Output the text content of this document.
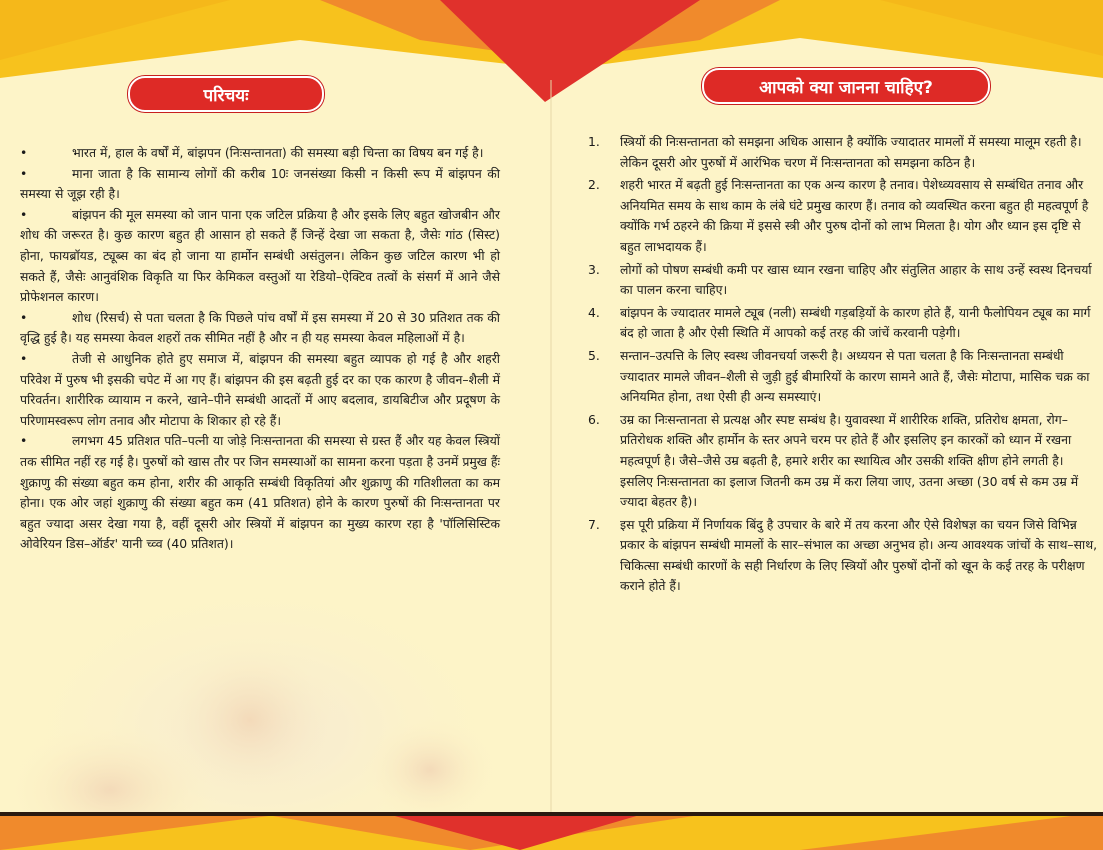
परिचयः	आपको क्या जानना चाहिए?

•	भारत में, हाल के वर्षों में, बांझपन (निःसन्तानता) की समस्या बड़ी चिन्ता का विषय बन गई है।

•	माना जाता है कि सामान्य लोगों की करीब 10ः जनसंख्या किसी न किसी रूप में बांझपन की समस्या से जूझ रही है।

•	बांझपन की मूल समस्या को जान पाना एक जटिल प्रक्रिया है और इसके लिए बहुत खोजबीन और शोध की जरूरत है। कुछ कारण बहुत ही आसान हो सकते हैं जिन्हें देखा जा सकता है, जैसेः गांठ (सिस्ट) होना, फायब्रॉयड, ट्यूब्स का बंद हो जाना या हार्मोन सम्बंधी असंतुलन। लेकिन कुछ जटिल कारण भी हो सकते हैं, जैसेः आनुवंशिक विकृति या फिर केमिकल वस्तुओं या रेडियो–ऐक्टिव तत्वों के संसर्ग में आने जैसे प्रोफेशनल कारण।

•	शोध (रिसर्च) से पता चलता है कि पिछले पांच वर्षों में इस समस्या में 20 से 30 प्रतिशत तक की वृद्धि हुई है। यह समस्या केवल शहरों तक सीमित नहीं है और न ही यह समस्या केवल महिलाओं में है।

•	तेजी से आधुनिक होते हुए समाज में, बांझपन की समस्या बहुत व्यापक हो गई है और शहरी परिवेश में पुरुष भी इसकी चपेट में आ गए हैं। बांझपन की इस बढ़ती हुई दर का एक कारण है जीवन–शैली में परिवर्तन। शारीरिक व्यायाम न करने, खाने–पीने सम्बंधी आदतों में आए बदलाव, डायबिटीज और प्रदूषण के परिणामस्वरूप लोग तनाव और मोटापा के शिकार हो रहे हैं।

•	लगभग 45 प्रतिशत पति–पत्नी या जोड़े निःसन्तानता की समस्या से ग्रस्त हैं और यह केवल स्त्रियों तक सीमित नहीं रह गई है। पुरुषों को खास तौर पर जिन समस्याओं का सामना करना पड़ता है उनमें प्रमुख हैंः शुक्राणु की संख्या बहुत कम होना, शरीर की आकृति सम्बंधी विकृतियां और शुक्राणु की गतिशीलता का कम होना। एक ओर जहां शुक्राणु की संख्या बहुत कम (41 प्रतिशत) होने के कारण पुरुषों की निःसन्तानता पर बहुत ज्यादा असर देखा गया है, वहीं दूसरी ओर स्त्रियों में बांझपन का मुख्य कारण रहा है 'पॉलिसिस्टिक ओवेरियन डिस–ऑर्डर' यानी च्व्व (40 प्रतिशत)।

1.	स्त्रियों की निःसन्तानता को समझना अधिक आसान है क्योंकि ज्यादातर मामलों में समस्या मालूम रहती है। लेकिन दूसरी ओर पुरुषों में आरंभिक चरण में निःसन्तानता को समझना कठिन है।
2.	शहरी भारत में बढ़ती हुई निःसन्तानता का एक अन्य कारण है तनाव। पेशेध्व्यवसाय से सम्बंधित तनाव और अनियमित समय के साथ काम के लंबे घंटे प्रमुख कारण हैं। तनाव को व्यवस्थित करना बहुत ही महत्वपूर्ण है क्योंकि गर्भ ठहरने की क्रिया में इससे स्त्री और पुरुष दोनों को लाभ मिलता है। योग और ध्यान इस दृष्टि से बहुत लाभदायक हैं।
3.	लोगों को पोषण सम्बंधी कमी पर खास ध्यान रखना चाहिए और संतुलित आहार के साथ उन्हें स्वस्थ दिनचर्या का पालन करना चाहिए।
4.	बांझपन के ज्यादातर मामले ट्यूब (नली) सम्बंधी गड़बड़ियों के कारण होते हैं, यानी फैलोपियन ट्यूब का मार्ग बंद हो जाता है और ऐसी स्थिति में आपको कई तरह की जांचें करवानी पड़ेगी।
5.	सन्तान–उत्पत्ति के लिए स्वस्थ जीवनचर्या जरूरी है। अध्ययन से पता चलता है कि निःसन्तानता सम्बंधी ज्यादातर मामले जीवन–शैली से जुड़ी हुई बीमारियों के कारण सामने आते हैं, जैसेः मोटापा, मासिक चक्र का अनियमित होना, तथा ऐसी ही अन्य समस्याएं।
6.	उम्र का निःसन्तानता से प्रत्यक्ष और स्पष्ट सम्बंध है। युवावस्था में शारीरिक शक्ति, प्रतिरोध क्षमता, रोग–प्रतिरोधक शक्ति और हार्मोन के स्तर अपने चरम पर होते हैं और इसलिए इन कारकों को ध्यान में रखना महत्वपूर्ण है। जैसे–जैसे उम्र बढ़ती है, हमारे शरीर का स्थायित्व और उसकी शक्ति क्षीण होने लगती है। इसलिए निःसन्तानता का इलाज जितनी कम उम्र में करा लिया जाए, उतना अच्छा (30 वर्ष से कम उम्र में ज्यादा बेहतर है)।
7.	इस पूरी प्रक्रिया में निर्णायक बिंदु है उपचार के बारे में तय करना और ऐसे विशेषज्ञ का चयन जिसे विभिन्न प्रकार के बांझपन सम्बंधी मामलों के सार–संभाल का अच्छा अनुभव हो। अन्य आवश्यक जांचों के साथ–साथ, चिकित्सा सम्बंधी कारणों के सही निर्धारण के लिए स्त्रियों और पुरुषों दोनों को खून के कई तरह के परीक्षण कराने होते हैं।
